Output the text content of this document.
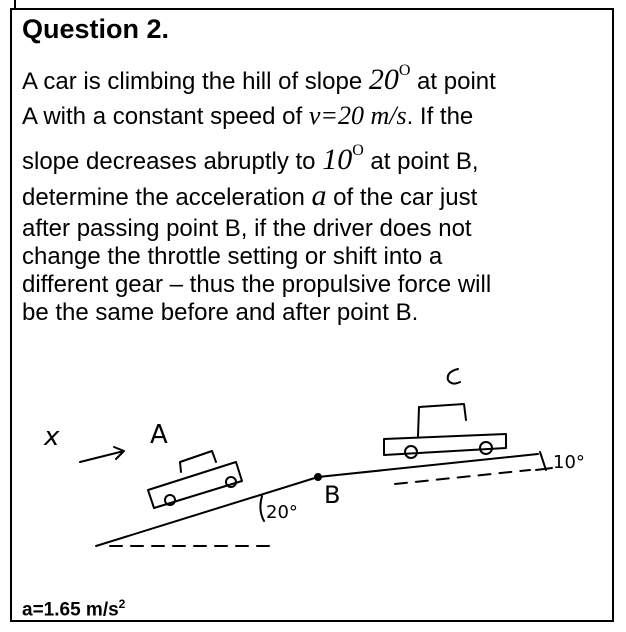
Question 2.
A car is climbing the hill of slope $20^O$ at point
A with a constant speed of v=20 m/s. If the
slope decreases abruptly to $10^O$ at point B,
determine the acceleration a of the car just
after passing point B, if the driver does not
change the throttle setting or shift into a
different gear – thus the propulsive force will
be the same before and after point B.
x	A
20°
B
10°
C
a=1.65 $m/s^2$
